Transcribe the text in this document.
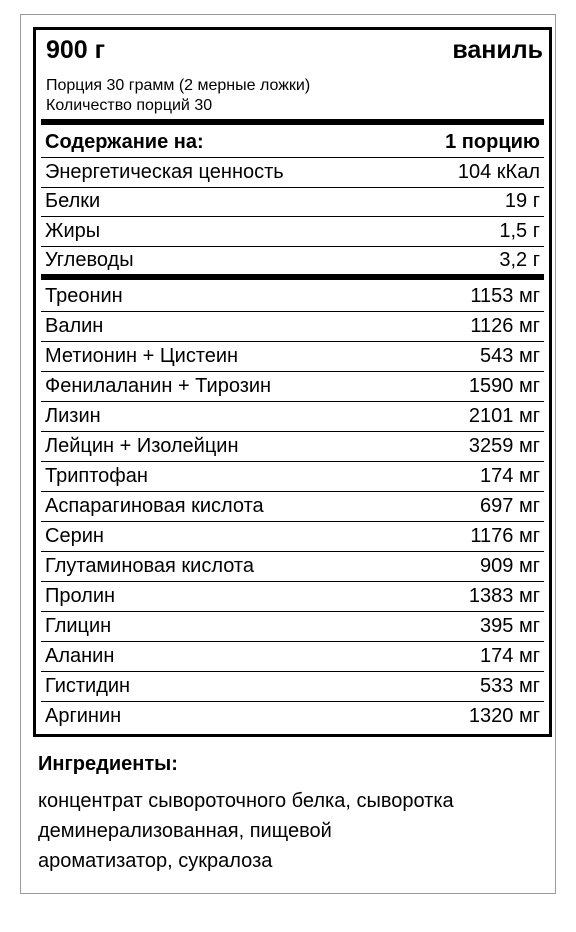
900 г	ваниль
Порция 30 грамм (2 мерные ложки)
Количество порций 30
Содержание на:	1 порцию
Энергетическая ценность	104 кКал
Белки	19 г
Жиры	1,5 г
Углеводы	3,2 г
Треонин	1153 мг
Валин	1126 мг
Метионин + Цистеин	543 мг
Фенилаланин + Тирозин	1590 мг
Лизин	2101 мг
Лейцин + Изолейцин	3259 мг
Триптофан	174 мг
Аспарагиновая кислота	697 мг
Серин	1176 мг
Глутаминовая кислота	909 мг
Пролин	1383 мг
Глицин	395 мг
Аланин	174 мг
Гистидин	533 мг
Аргинин	1320 мг
Ингредиенты:
концентрат сывороточного белка, сыворотка
деминерализованная, пищевой
ароматизатор, сукралоза
